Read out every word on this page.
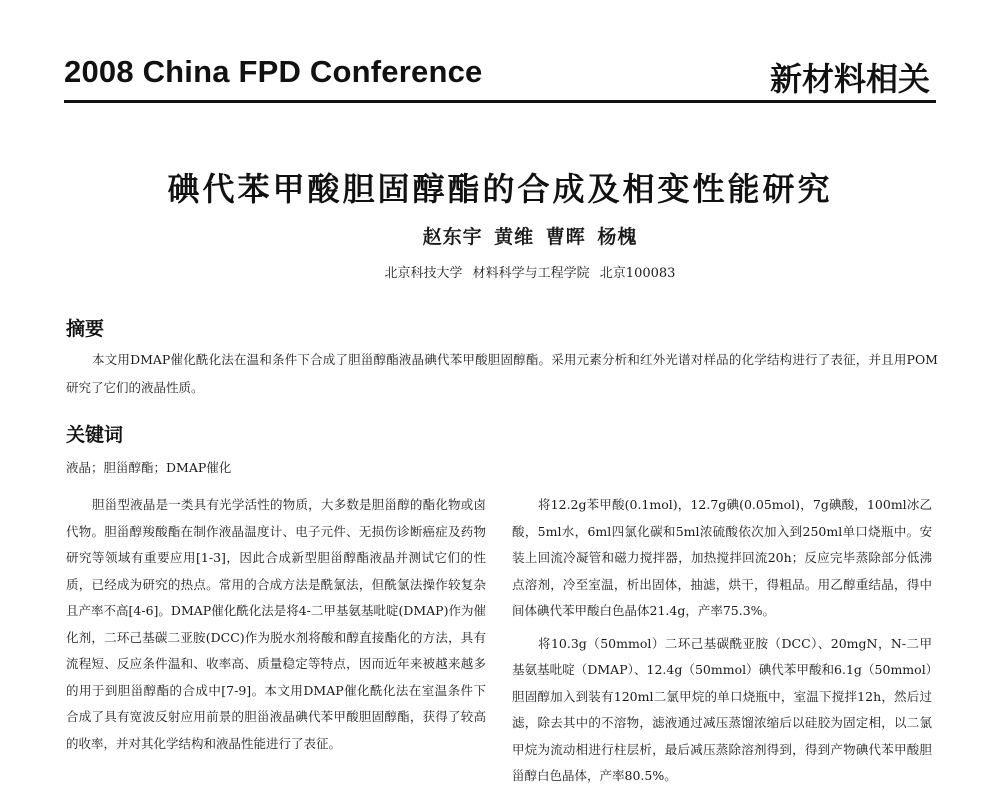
2008 China FPD Conference	新材料相关
碘代苯甲酸胆固醇酯的合成及相变性能研究
赵东宇 黄维 曹晖 杨槐
北京科技大学 材料科学与工程学院 北京100083
摘要
本文用DMAP催化酰化法在温和条件下合成了胆甾醇酯液晶碘代苯甲酸胆固醇酯。采用元素分析和红外光谱对样品的化学结构进行了表征，并且用POM研究了它们的液晶性质。
关键词
液晶；胆甾醇酯；DMAP催化

胆甾型液晶是一类具有光学活性的物质，大多数是胆甾醇的酯化物或卤代物。胆甾醇羧酸酯在制作液晶温度计、电子元件、无损伤诊断癌症及药物研究等领域有重要应用[1-3]，因此合成新型胆甾醇酯液晶并测试它们的性质，已经成为研究的热点。常用的合成方法是酰氯法，但酰氯法操作较复杂且产率不高[4-6]。DMAP催化酰化法是将4-二甲基氨基吡啶(DMAP)作为催化剂，二环己基碳二亚胺(DCC)作为脱水剂将酸和醇直接酯化的方法，具有流程短、反应条件温和、收率高、质量稳定等特点，因而近年来被越来越多的用于到胆甾醇酯的合成中[7-9]。本文用DMAP催化酰化法在室温条件下合成了具有宽波反射应用前景的胆甾液晶碘代苯甲酸胆固醇酯，获得了较高的收率，并对其化学结构和液晶性能进行了表征。

将12.2g苯甲酸(0.1mol)，12.7g碘(0.05mol)，7g碘酸，100ml冰乙酸，5ml水，6ml四氯化碳和5ml浓硫酸依次加入到250ml单口烧瓶中。安装上回流冷凝管和磁力搅拌器，加热搅拌回流20h；反应完毕蒸除部分低沸点溶剂，冷至室温，析出固体，抽滤，烘干，得粗品。用乙醇重结晶，得中间体碘代苯甲酸白色晶体21.4g，产率75.3%。

将10.3g（50mmol）二环己基碳酰亚胺（DCC）、20mgN，N-二甲基氨基吡啶（DMAP）、12.4g（50mmol）碘代苯甲酸和6.1g（50mmol）胆固醇加入到装有120ml二氯甲烷的单口烧瓶中，室温下搅拌12h，然后过滤，除去其中的不溶物，滤液通过减压蒸馏浓缩后以硅胶为固定相，以二氯甲烷为流动相进行柱层析，最后减压蒸除溶剂得到，得到产物碘代苯甲酸胆甾醇白色晶体，产率80.5%。
